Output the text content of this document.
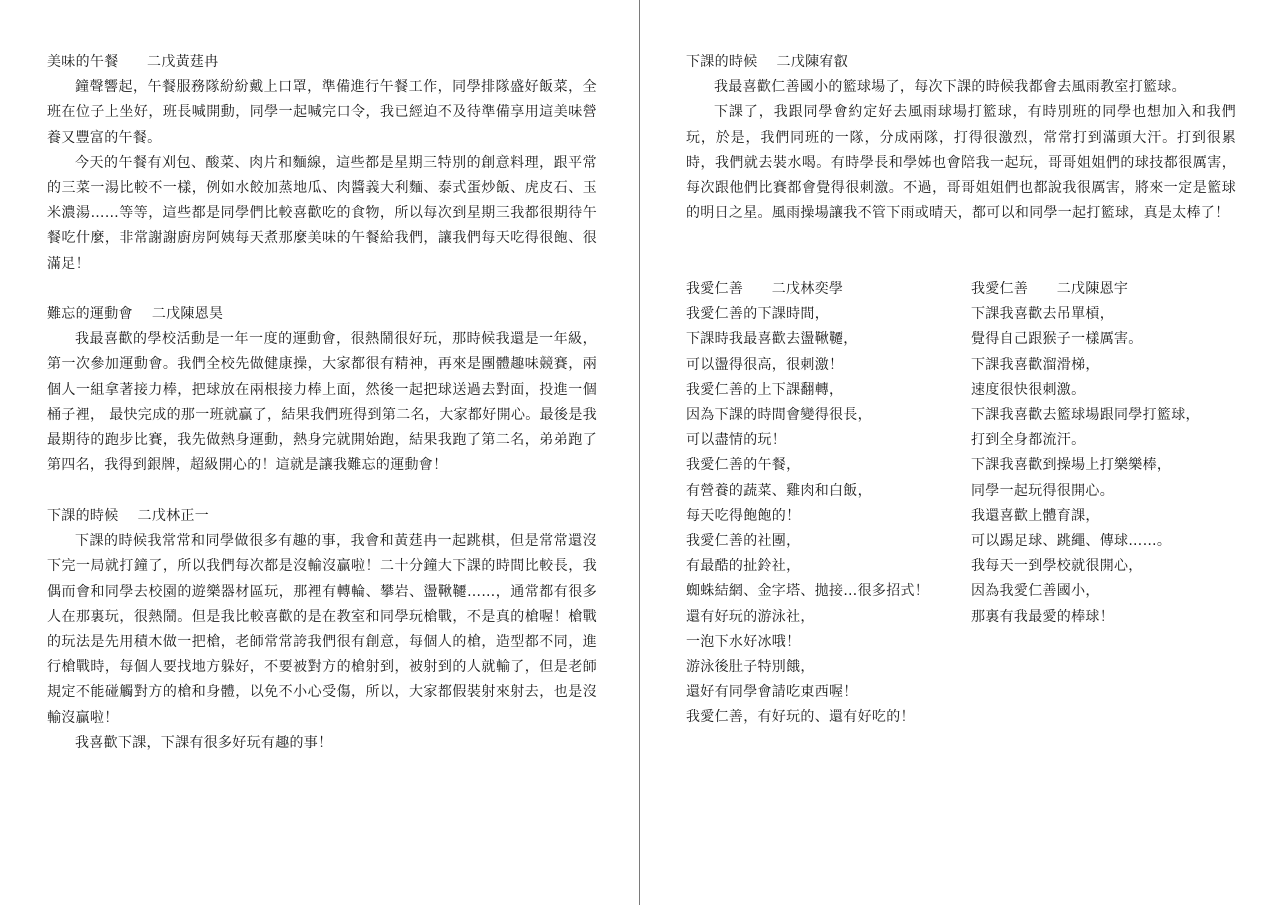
美味的午餐 二戊黃莛冉

鐘聲響起，午餐服務隊紛紛戴上口罩，準備進行午餐工作，同學排隊盛好飯菜，全班在位子上坐好，班長喊開動，同學一起喊完口令，我已經迫不及待準備享用這美味營養又豐富的午餐。

今天的午餐有刈包、酸菜、肉片和麵線，這些都是星期三特別的創意料理，跟平常的三菜一湯比較不一樣，例如水餃加蒸地瓜、肉醬義大利麵、泰式蛋炒飯、虎皮石、玉米濃湯……等等，這些都是同學們比較喜歡吃的食物，所以每次到星期三我都很期待午餐吃什麼，非常謝謝廚房阿姨每天煮那麼美味的午餐給我們，讓我們每天吃得很飽、很滿足！

難忘的運動會 二戊陳恩昊

我最喜歡的學校活動是一年一度的運動會，很熱鬧很好玩，那時候我還是一年級，第一次參加運動會。我們全校先做健康操，大家都很有精神，再來是團體趣味競賽，兩個人一組拿著接力棒，把球放在兩根接力棒上面，然後一起把球送過去對面，投進一個桶子裡， 最快完成的那一班就贏了，結果我們班得到第二名，大家都好開心。最後是我最期待的跑步比賽，我先做熱身運動，熱身完就開始跑，結果我跑了第二名，弟弟跑了第四名，我得到銀牌，超級開心的！這就是讓我難忘的運動會！

下課的時候 二戊林正一

下課的時候我常常和同學做很多有趣的事，我會和黃莛冉一起跳棋，但是常常還沒下完一局就打鐘了，所以我們每次都是沒輸沒贏啦！二十分鐘大下課的時間比較長，我偶而會和同學去校園的遊樂器材區玩，那裡有轉輪、攀岩、盪鞦韆……，通常都有很多人在那裏玩，很熱鬧。但是我比較喜歡的是在教室和同學玩槍戰，不是真的槍喔！槍戰的玩法是先用積木做一把槍，老師常常誇我們很有創意，每個人的槍，造型都不同，進行槍戰時，每個人要找地方躲好，不要被對方的槍射到，被射到的人就輸了，但是老師規定不能碰觸對方的槍和身體，以免不小心受傷，所以，大家都假裝射來射去，也是沒輸沒贏啦！

我喜歡下課，下課有很多好玩有趣的事！

下課的時候 二戊陳宥叡

我最喜歡仁善國小的籃球場了，每次下課的時候我都會去風雨教室打籃球。

下課了，我跟同學會約定好去風雨球場打籃球，有時別班的同學也想加入和我們玩，於是，我們同班的一隊，分成兩隊，打得很激烈，常常打到滿頭大汗。打到很累時，我們就去裝水喝。有時學長和學姊也會陪我一起玩，哥哥姐姐們的球技都很厲害，每次跟他們比賽都會覺得很刺激。不過，哥哥姐姐們也都說我很厲害，將來一定是籃球的明日之星。風雨操場讓我不管下雨或晴天，都可以和同學一起打籃球，真是太棒了！

我愛仁善 二戊林奕學

我愛仁善的下課時間，

下課時我最喜歡去盪鞦韆，

可以盪得很高，很刺激！

我愛仁善的上下課翻轉，

因為下課的時間會變得很長，

可以盡情的玩！

我愛仁善的午餐，

有營養的蔬菜、雞肉和白飯，

每天吃得飽飽的！

我愛仁善的社團，

有最酷的扯鈴社，

蜘蛛結網、金字塔、拋接…很多招式！

還有好玩的游泳社，

一泡下水好冰哦！

游泳後肚子特別餓，

還好有同學會請吃東西喔！

我愛仁善，有好玩的、還有好吃的！

我愛仁善 二戊陳恩宇

下課我喜歡去吊單槓，

覺得自己跟猴子一樣厲害。

下課我喜歡溜滑梯，

速度很快很刺激。

下課我喜歡去籃球場跟同學打籃球，

打到全身都流汗。

下課我喜歡到操場上打樂樂棒，

同學一起玩得很開心。

我還喜歡上體育課，

可以踢足球、跳繩、傳球……。

我每天一到學校就很開心，

因為我愛仁善國小，

那裏有我最愛的棒球！
